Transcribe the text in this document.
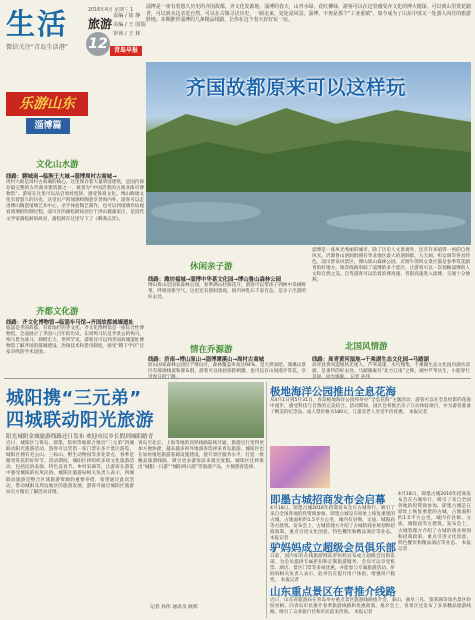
生活
微信关注“青岛生活港”
2016年4月 星期三 1
旅游
12
责编 / 徐 静
美编 / 王 国瑞
审读 / 王 林
青岛早报
淄博是一座有着悠久历史的齐国故都，齐文化发源地。淄博的春天，山青水绿，花红柳绿，游客可以在这里感受齐文化的博大精深，可以到山里赏花踏青，可以到水边亲近自然，可以在古镇寻访历史，一路走来，处处是风景。淄博，不再是那个“工业重镇”，如今成为了山东中部又一处游人向往的旅游胜地。本期推荐淄博的几条精品线路，让你在这个春天好好玩一玩。
齐国故都原来可以这样玩
乐游山东
淄博篇
文化山水游
线路：聊城南→临朐王大城→淄博周村古商城→
周村大街是周村古商城的核心。这里保存着大量明清建筑，是国内保存最完整的古代商业建筑群之一，被誉为“中国活着的古商业街市博物馆”。游客在这里可以品尝周村烧饼，感受鲁商文化。博山陶琉文化有着悠久的历史，这里出产的琉璃和陶瓷享誉海内外。游客可以走进博山陶瓷琉璃艺术中心，亲手体验陶艺制作，也可以到琉璃作坊观看琉璃的吹制过程。淄川区的蒲松龄故居位于洪山镇蒲家庄，是清代文学家蒲松龄的故居，蒲松龄在这里写下了《聊斋志异》。
齐都文化游
线路：齐文化博物馆→临淄车马馆→齐国故都城墙遗址
临淄是齐国故都，有着灿烂的齐文化。齐文化博物馆是一座综合性博物馆，全面展示了齐国八百年的历史。东周殉马坑是齐景公的殉马，殉马皆为战马，规模宏大，世所罕见。游客还可以到齐国故城遗址博物馆了解齐国的都城建设、冶铸技术和货币制度，感受“稷下学宫”百家争鸣的学术氛围。
休闲亲子游
线路：潍坊福城→淄博中华茶文化园→博山鲁山森林公园
博山鲁山是国家森林公园，春季满山杜鹃花开，游客可以带孩子到林中采摘野菜，呼吸清新空气。这里还有溶洞景观，洞内钟乳石千姿百态，是亲子出游的好去处。
情在乔源游
线路：济南→博山原山→淄博潭溪山→周村古商城
原山国家森林公园位于博山区，森林覆盖率高达94%，是天然氧吧。潭溪山景区有玻璃栈道和瀑布群，游客可以体验惊险刺激，也可以在山间漫步赏花，享
淄博是一座风光秀丽的城市，除了历史人文景观外，还有许多值得一看的自然风光。沂源鲁山溶洞群拥有华北地区最大的溶洞群，九天洞、织女洞等各具特色。淄川梦泉风景区、博山原山森林公园、沂源牛郎织女景区都是春季赏花踏青的好地方。推荐线路串联了淄博的多个景区，让游客可以一次领略淄博的人文和自然之美。自驾游客可以沿着滨博高速、青银高速进入淄博，交通十分便利。
北国风情游
线路：高青黄河湿地→千乘湖生态文化园→马踏湖
高青县黄河湿地风光迷人，芦苇荡漾，水鸟翔集。千乘湖生态文化园内湖水清澈，是垂钓的好去处。马踏湖素有“北方江南”之称，湖中芦苇丛生，小船穿行
城阳携“三元弟”
四城联动阳光旅游
阳光城阳金城旅游线路还日发布 欢迎市民乡长假到城阳踏青
近日，城阳区与黄岛、即墨、胶州等地联合推出“三元弟”四城联动阳光旅游活动，游客可以凭借一张门票在多个景区游览。城阳区拥有毛公山、三标山、野生动物园等多处景点，春季是踏青赏花的好时节。活动期间，城阳区将组织多场文化旅游活动，包括民俗表演、特色美食节、乡村采摘等，让游客在游览中感受城阳的民风民俗。城阳区旅游局相关负责人表示，四城联动旅游是整合区域旅游资源的重要举措，希望通过此次活动，带动城阳及周边地区的旅游发展。游客可通过城阳区旅游局官方微信了解活动详情。
青岛至北京、上海等地的高铁线路陆续开通，旅游出行变得更加方便快捷，越来越多的外地游客选择来青岛旅游。城阳区也在加快推进旅游基础设施建设，提升景区服务水平，打造一批精品旅游线路，吸引更多游客前来观光度假。城阳区还将推出“城阳一日游”“城阳两日游”等旅游产品，方便游客选择。
记者 孙伟 通讯员 晓辉
极地海洋公园推出全息花海
从4月1日到5月31日，青岛极地海洋公园将举办“全息花海”主题活动，游客可以在全息投影的花海中漫步，感受科技与自然的完美结合。活动期间，园区还将推出亲子互动体验项目，并为游客准备了精美的纪念品。成人票价格为180元，儿童及老人享受半价优惠。 本报记者
即墨古城招商发布会启幕
4月18日，即墨古城2016年招商发布会在古城举行，吸引了来自全国各地的投资商参加。即墨古城是在原址上恢复重建的古城，占地面积约1.5平方公里，城内有县衙、文庙、城隍庙等古建筑。发布会上，古城管理方介绍了古城的商业规划和招商政策，重点引进文化创意、特色餐饮和精品酒店等业态。 本报记者
驴妈妈成立超级会员俱乐部
日前，国内知名在线旅游网站驴妈妈宣布成立超级会员俱乐部，为会员提供专属折扣和定制旅游服务。会员可以享受机票、酒店、景区门票等多项优惠，并能参与专属旅游活动。驴妈妈相关负责人表示，此举旨在提升用户体验，增强用户黏性。 本报记者
4月18日，即墨古城2016年招商发布会在古城举行，吸引了来自全国各地的投资商参加。即墨古城是在原址上恢复重建的古城，占地面积约1.5平方公里，城内有县衙、文庙、城隍庙等古建筑。发布会上，古城管理方介绍了古城的商业规划和招商政策，重点引进文化创意、特色餐饮和精品酒店等业态。 本报记者
山东重点景区在青推介线路
近日，山东省旅游局在青岛举办重点景区旅游线路推介会，泰山、曲阜三孔、蓬莱阁等知名景区纷纷亮相，向青岛市民推介春季旅游线路和优惠政策。推介会上，各景区还发布了多条精品旅游线路，吸引了众多旅行社和市民前来咨询。 本报记者
